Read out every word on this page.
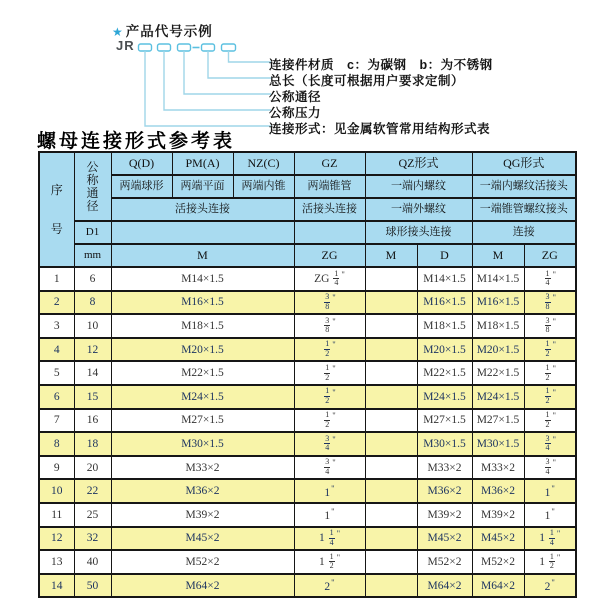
★ 产品代号示例
JR
连接件材质　c：为碳钢　b：为不锈钢
总长（长度可根据用户要求定制）
公称通径
公称压力
连接形式：见金属软管常用结构形式表
螺母连接形式参考表
序
号	公
称
通
径	Q(D)	PM(A)	NZ(C)	GZ	QZ形式		QG形式	
		两端球形	两端平面	两端内锥	两端锥管	一端内螺纹		一端内螺纹活接头	
		活接头连接			活接头连接	一端外螺纹		一端锥管螺纹接头	
	D1					球形接头连接		连接	
	mm	M			ZG	M	D	M	ZG
1	6	M14×1.5			ZG $\frac{1}{4} ^"$		M14×1.5	M14×1.5	$\frac{1}{4} ^"$
2	8	M16×1.5			$\frac{3}{8} ^"$		M16×1.5	M16×1.5	$\frac{3}{8} ^"$
3	10	M18×1.5			$\frac{3}{8} ^"$		M18×1.5	M18×1.5	$\frac{3}{8} ^"$
4	12	M20×1.5			$\frac{1}{2} ^"$		M20×1.5	M20×1.5	$\frac{1}{2} ^"$
5	14	M22×1.5			$\frac{1}{2} ^"$		M22×1.5	M22×1.5	$\frac{1}{2} ^"$
6	15	M24×1.5			$\frac{1}{2} ^"$		M24×1.5	M24×1.5	$\frac{1}{2} ^"$
7	16	M27×1.5			$\frac{1}{2} ^"$		M27×1.5	M27×1.5	$\frac{1}{2} ^"$
8	18	M30×1.5			$\frac{3}{4} ^"$		M30×1.5	M30×1.5	$\frac{3}{4} ^"$
9	20	M33×2			$\frac{3}{4} ^"$		M33×2	M33×2	$\frac{3}{4} ^"$
10	22	M36×2			1"		M36×2	M36×2	1"
11	25	M39×2			1"		M39×2	M39×2	1"
12	32	M45×2			$1 \frac{1}{4} ^"$		M45×2	M45×2	$1 \frac{1}{4} ^"$
13	40	M52×2			$1 \frac{1}{2} ^"$		M52×2	M52×2	$1 \frac{1}{2} ^"$
14	50	M64×2			2"		M64×2	M64×2	2"
